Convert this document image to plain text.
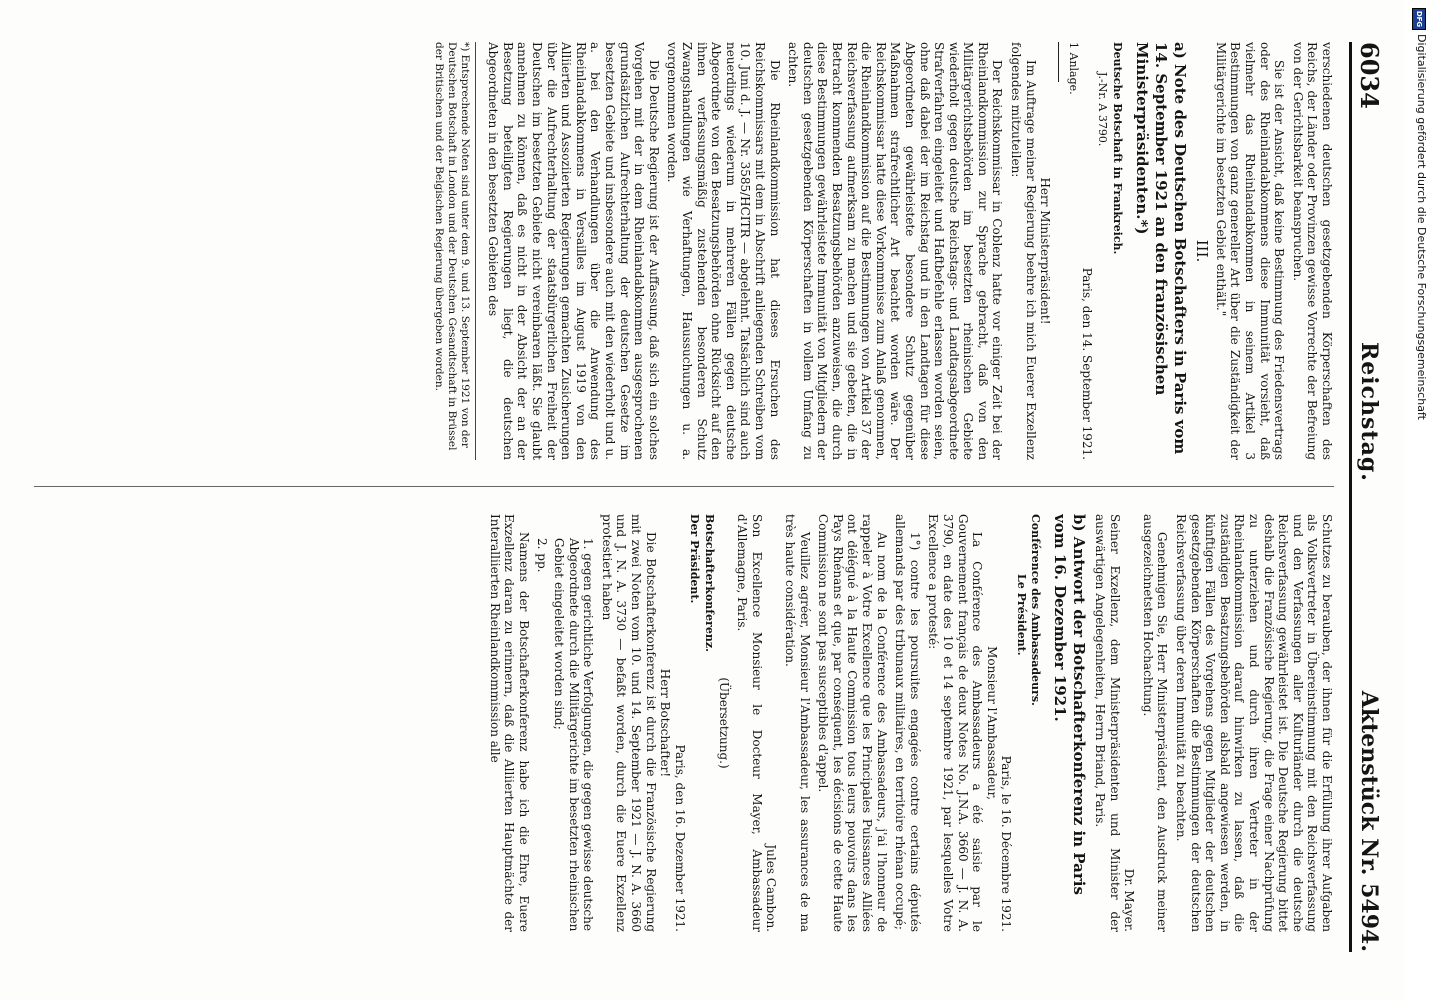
DFG
Digitalisierung gefördert durch die Deutsche Forschungsgemeinschaft
6034
Reichstag.
Aktenstück Nr. 5494.

verschiedenen deutschen gesetzgebenden Körperschaften des Reichs, der Länder oder Provinzen gewisse Vorrechte der Befreiung von der Gerichtsbarkeit beanspruchen.

Sie ist der Ansicht, daß keine Bestimmung des Friedensvertrags oder des Rheinlandabkommens diese Immunität vorsieht, daß vielmehr das Rheinlandabkommen in seinem Artikel 3 Bestimmungen von ganz genereller Art über die Zuständigkeit der Militärgerichte im besetzten Gebiet enthält."

III.
a) Note des Deutschen Botschafters in Paris vom 14. September 1921 an den französischen Ministerpräsidenten.*)
Deutsche Botschaft in Frankreich.
J.-Nr. A 3790.
Paris, den 14. September 1921.
1 Anlage.
Herr Ministerpräsident!

Im Auftrage meiner Regierung beehre ich mich Euerer Exzellenz folgendes mitzuteilen:

Der Reichskommissar in Coblenz hatte vor einiger Zeit bei der Rheinlandkommission zur Sprache gebracht, daß von den Militärgerichtsbehörden im besetzten rheinischen Gebiete wiederholt gegen deutsche Reichstags- und Landtagsabgeordnete Strafverfahren eingeleitet und Haftbefehle erlassen worden seien, ohne daß dabei der im Reichstag und in den Landtagen für diese Abgeordneten gewährleistete besondere Schutz gegenüber Maßnahmen strafrechtlicher Art beachtet worden wäre. Der Reichskommissar hatte diese Vorkommnisse zum Anlaß genommen, die Rheinlandkommission auf die Bestimmungen von Artikel 37 der Reichsverfassung aufmerksam zu machen und sie gebeten, die in Betracht kommenden Besatzungsbehörden anzuweisen, die durch diese Bestimmungen gewährleistete Immunität von Mitgliedern der deutschen gesetzgebenden Körperschaften in vollem Umfang zu achten.

Die Rheinlandkommission hat dieses Ersuchen des Reichskommissars mit dem in Abschrift anliegenden Schreiben vom 10. Juni d. J. — Nr. 3585/HCITR — abgelehnt. Tatsächlich sind auch neuerdings wiederum in mehreren Fällen gegen deutsche Abgeordnete von den Besatzungsbehörden ohne Rücksicht auf den ihnen verfassungsmäßig zustehenden besonderen Schutz Zwangshandlungen wie Verhaftungen, Haussuchungen u. a. vorgenommen worden.

Die Deutsche Regierung ist der Auffassung, daß sich ein solches Vorgehen mit der in dem Rheinlandabkommen ausgesprochenen grundsätzlichen Aufrechterhaltung der deutschen Gesetze im besetzten Gebiete und insbesondere auch mit den wiederholt und u. a. bei den Verhandlungen über die Anwendung des Rheinlandabkommens in Versailles im August 1919 von den Alliierten und Assoziierten Regierungen gemachten Zusicherungen über die Aufrechterhaltung der staatsbürgerlichen Freiheit der Deutschen im besetzten Gebiete nicht vereinbaren läßt. Sie glaubt annehmen zu können, daß es nicht in der Absicht der an der Besetzung beteiligten Regierungen liegt, die deutschen Abgeordneten in den besetzten Gebieten des

*) Entsprechende Noten sind unter dem 9. und 13. September 1921 von der Deutschen Botschaft in London und der Deutschen Gesandtschaft in Brüssel der Britischen und der Belgischen Regierung übergeben worden.

Schutzes zu berauben, der ihnen für die Erfüllung ihrer Aufgaben als Volksvertreter in Übereinstimmung mit den Reichsverfassung und den Verfassungen aller Kulturländer durch die deutsche Reichsverfassung gewährleistet ist. Die Deutsche Regierung bittet deshalb die Französische Regierung, die Frage einer Nachprüfung zu unterziehen und durch ihren Vertreter in der Rheinlandkommission darauf hinwirken zu lassen, daß die zuständigen Besatzungsbehörden alsbald angewiesen werden, in künftigen Fällen des Vorgehens gegen Mitglieder der deutschen gesetzgebenden Körperschaften die Bestimmungen der deutschen Reichsverfassung über deren Immunität zu beachten.

Genehmigen Sie, Herr Ministerpräsident, den Ausdruck meiner ausgezeichnetsten Hochachtung.

Dr. Mayer.

Seiner Exzellenz, dem Ministerpräsidenten und Minister der auswärtigen Angelegenheiten, Herrn Briand, Paris.

b) Antwort der Botschafterkonferenz in Paris vom 16. Dezember 1921.
Conférence des Ambassadeurs.
Le Président.
Paris, le 16. Décembre 1921.
Monsieur l'Ambassadeur,

La Conférence des Ambassadeurs a été saisie par le Gouvernement français de deux Notes No. J.N.A. 3660 — J. N. A. 3790, en date des 10 et 14 septembre 1921, par lesquelles Votre Excellence a protesté:

1°) contre les poursuites engagées contre certains députés allemands par des tribunaux militaires, en territoire rhénan occupé;

Au nom de la Conférence des Ambassadeurs, j'ai l'honneur de rappeler à Votre Excellence que les Principales Puissances Alliées ont délégué à la Haute Commission tous leurs pouvoirs dans les Pays Rhénans et que, par conséquent, les décisions de cette Haute Commission ne sont pas susceptibles d'appel.

Veuillez agréer, Monsieur l'Ambassadeur, les assurances de ma très haute considération.

Jules Cambon.

Son Excellence Monsieur le Docteur Mayer, Ambassadeur d'Allemagne, Paris.

(Übersetzung.)
Botschafterkonferenz.
Der Präsident.
Paris, den 16. Dezember 1921.
Herr Botschafter!

Die Botschafterkonferenz ist durch die Französische Regierung mit zwei Noten vom 10. und 14. September 1921 — J. N. A. 3660 und J. N. A. 3730 — befaßt worden, durch die Euere Exzellenz protestiert haben

1. gegen gerichtliche Verfolgungen, die gegen gewisse deutsche Abgeordnete durch die Militärgerichte im besetzten rheinischen Gebiet eingeleitet worden sind;
2. pp.

Namens der Botschafterkonferenz habe ich die Ehre, Euere Exzellenz daran zu erinnern, daß die Alliierten Hauptmächte der Interalliierten Rheinlandkommission alle
